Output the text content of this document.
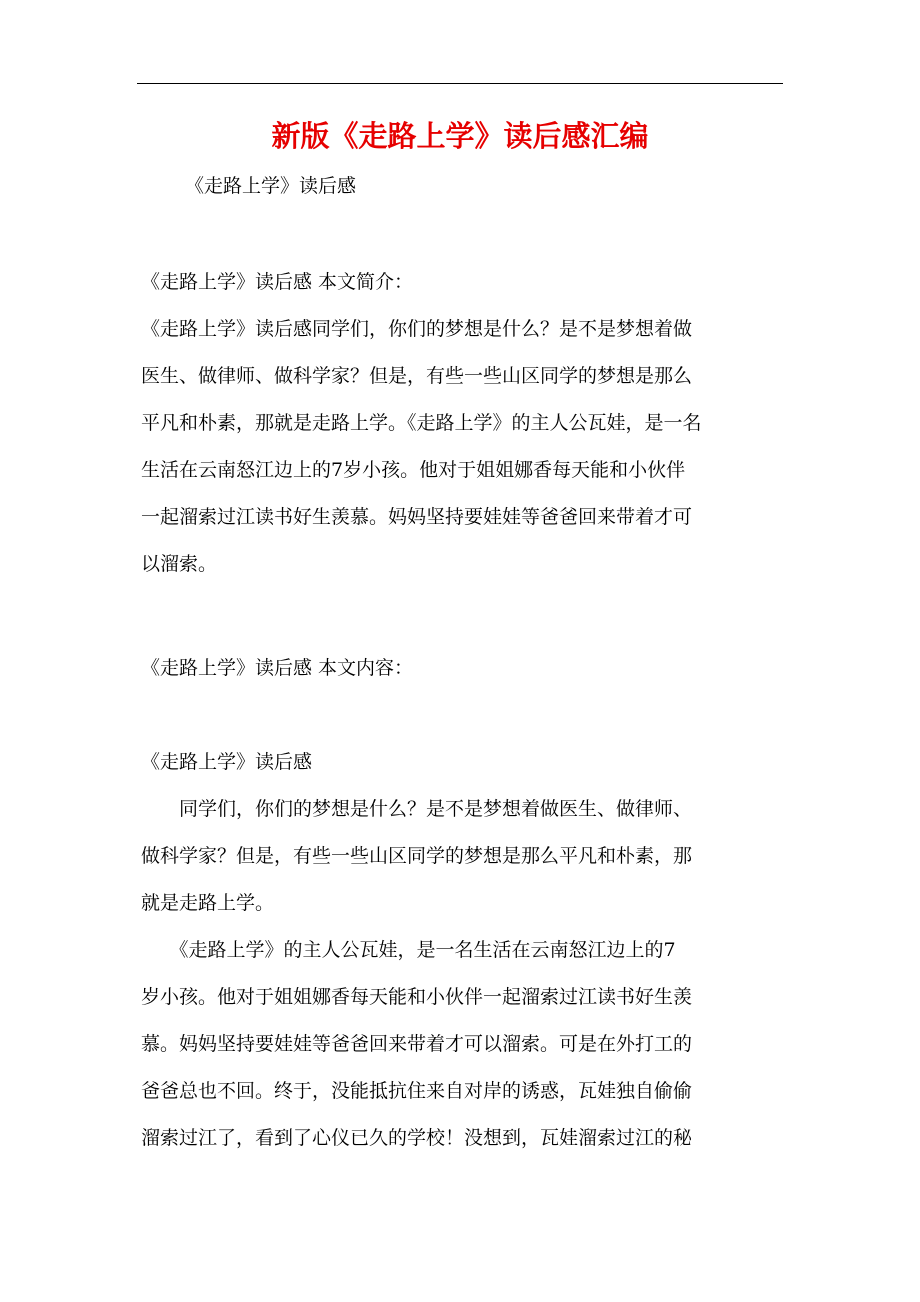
新版《走路上学》读后感汇编
《走路上学》读后感
《走路上学》读后感 本文简介：
《走路上学》读后感同学们，你们的梦想是什么？是不是梦想着做
医生、做律师、做科学家？但是，有些一些山区同学的梦想是那么
平凡和朴素，那就是走路上学。《走路上学》的主人公瓦娃，是一名
生活在云南怒江边上的7岁小孩。他对于姐姐娜香每天能和小伙伴
一起溜索过江读书好生羡慕。妈妈坚持要娃娃等爸爸回来带着才可
以溜索。
《走路上学》读后感 本文内容：
《走路上学》读后感
　　同学们，你们的梦想是什么？是不是梦想着做医生、做律师、
做科学家？但是，有些一些山区同学的梦想是那么平凡和朴素，那
就是走路上学。
　　《走路上学》的主人公瓦娃，是一名生活在云南怒江边上的7
岁小孩。他对于姐姐娜香每天能和小伙伴一起溜索过江读书好生羡
慕。妈妈坚持要娃娃等爸爸回来带着才可以溜索。可是在外打工的
爸爸总也不回。终于，没能抵抗住来自对岸的诱惑，瓦娃独自偷偷
溜索过江了，看到了心仪已久的学校！没想到，瓦娃溜索过江的秘
